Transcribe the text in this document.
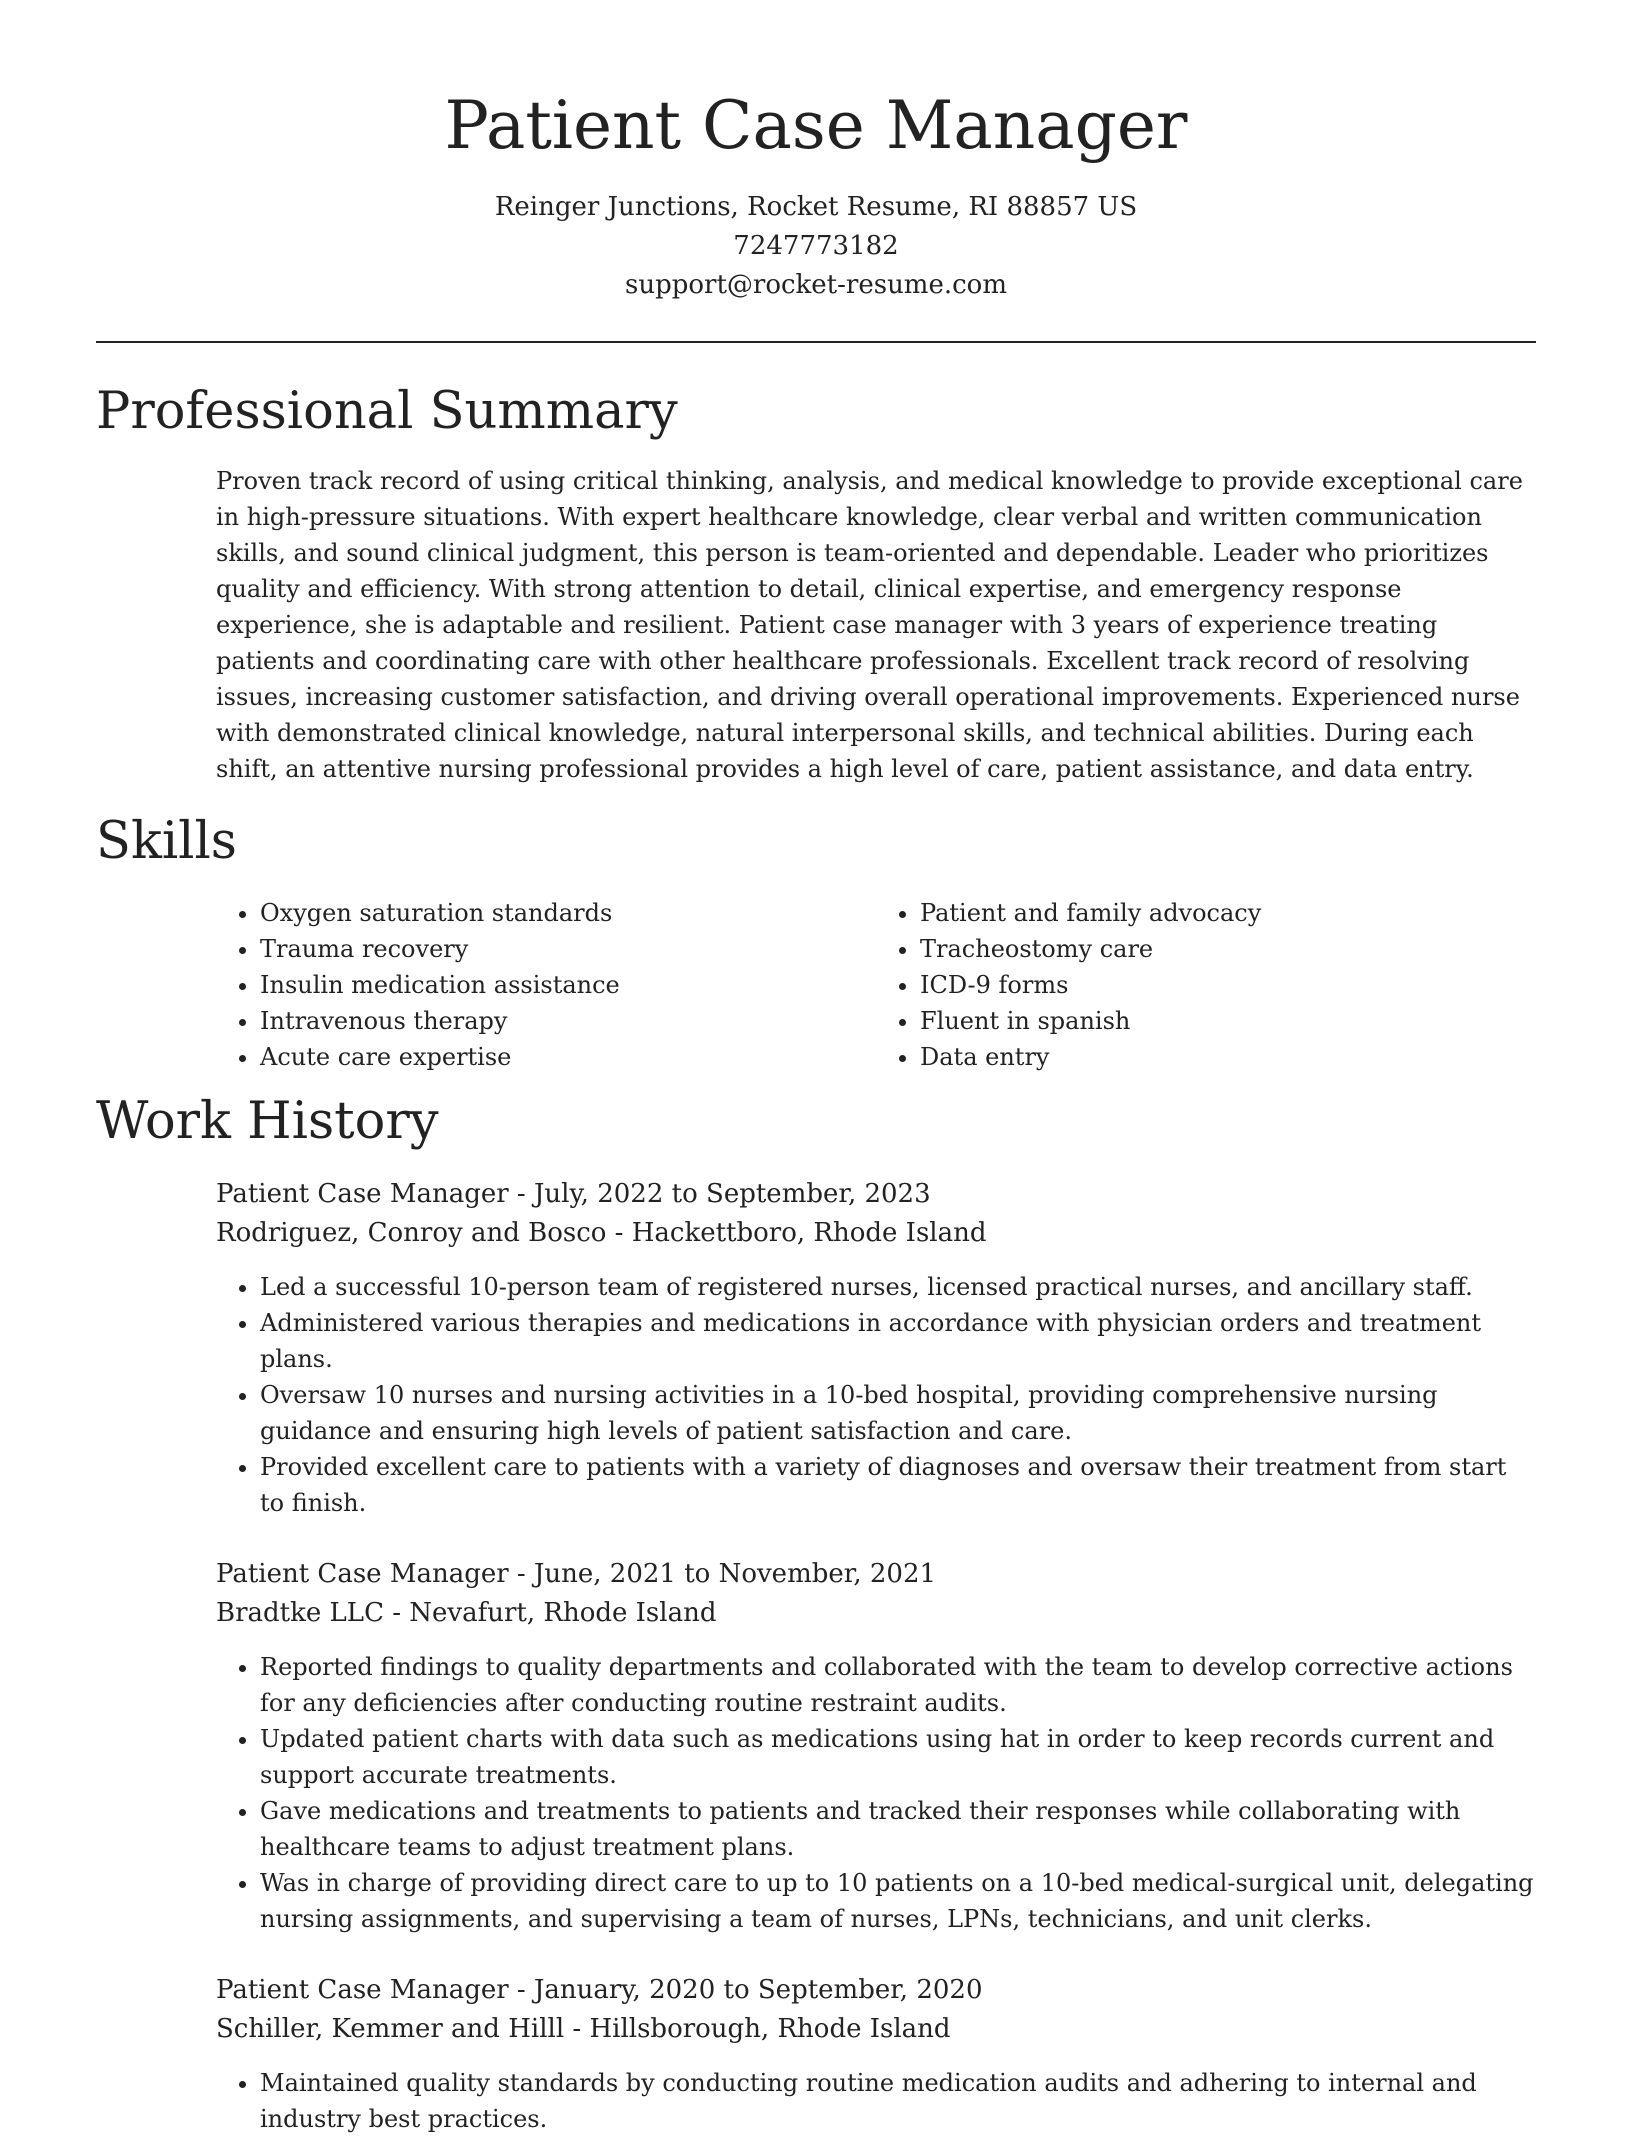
Patient Case Manager
Reinger Junctions, Rocket Resume, RI 88857 US
7247773182
support@rocket-resume.com
Professional Summary
Proven track record of using critical thinking, analysis, and medical knowledge to provide exceptional care in high-pressure situations. With expert healthcare knowledge, clear verbal and written communication skills, and sound clinical judgment, this person is team-oriented and dependable. Leader who prioritizes quality and efficiency. With strong attention to detail, clinical expertise, and emergency response experience, she is adaptable and resilient. Patient case manager with 3 years of experience treating patients and coordinating care with other healthcare professionals. Excellent track record of resolving issues, increasing customer satisfaction, and driving overall operational improvements. Experienced nurse with demonstrated clinical knowledge, natural interpersonal skills, and technical abilities. During each shift, an attentive nursing professional provides a high level of care, patient assistance, and data entry.
Skills
• Oxygen saturation standards
• Trauma recovery
• Insulin medication assistance
• Intravenous therapy
• Acute care expertise
• Patient and family advocacy
• Tracheostomy care
• ICD-9 forms
• Fluent in spanish
• Data entry
Work History
Patient Case Manager - July, 2022 to September, 2023
Rodriguez, Conroy and Bosco - Hackettboro, Rhode Island
• Led a successful 10-person team of registered nurses, licensed practical nurses, and ancillary staff.
• Administered various therapies and medications in accordance with physician orders and treatment plans.
• Oversaw 10 nurses and nursing activities in a 10-bed hospital, providing comprehensive nursing guidance and ensuring high levels of patient satisfaction and care.
• Provided excellent care to patients with a variety of diagnoses and oversaw their treatment from start to finish.
Patient Case Manager - June, 2021 to November, 2021
Bradtke LLC - Nevafurt, Rhode Island
• Reported findings to quality departments and collaborated with the team to develop corrective actions for any deficiencies after conducting routine restraint audits.
• Updated patient charts with data such as medications using hat in order to keep records current and support accurate treatments.
• Gave medications and treatments to patients and tracked their responses while collaborating with healthcare teams to adjust treatment plans.
• Was in charge of providing direct care to up to 10 patients on a 10-bed medical-surgical unit, delegating nursing assignments, and supervising a team of nurses, LPNs, technicians, and unit clerks.
Patient Case Manager - January, 2020 to September, 2020
Schiller, Kemmer and Hilll - Hillsborough, Rhode Island
• Maintained quality standards by conducting routine medication audits and adhering to internal and industry best practices.
